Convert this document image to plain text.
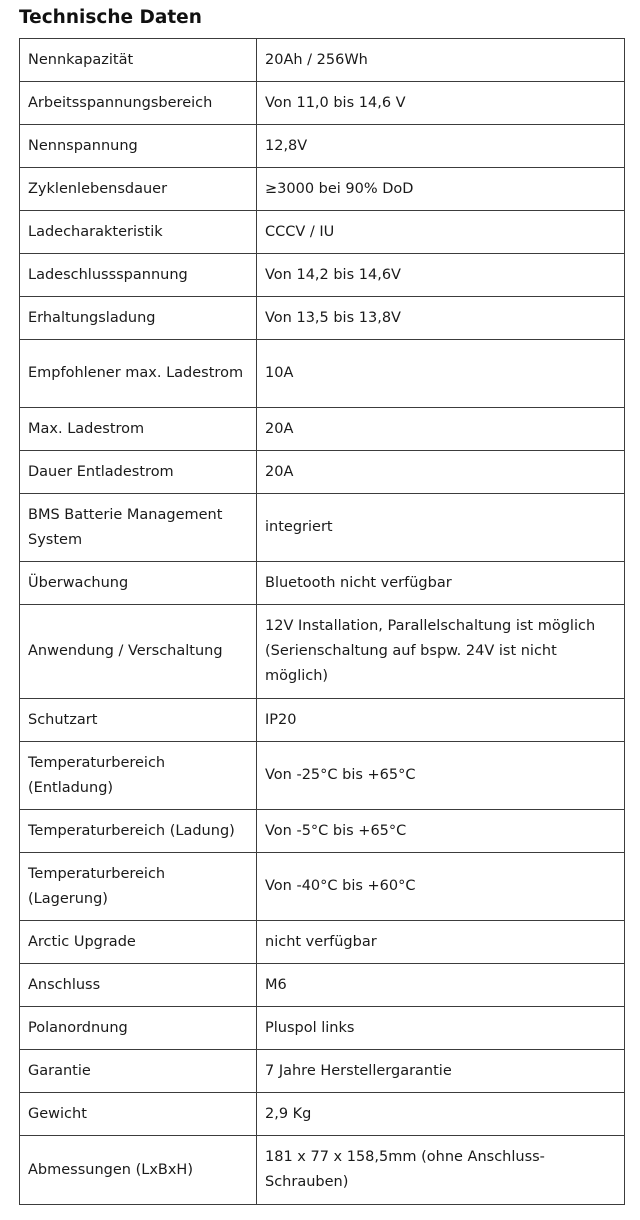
Technische Daten
Nennkapazität	20Ah / 256Wh
Arbeitsspannungsbereich	Von 11,0 bis 14,6 V
Nennspannung	12,8V
Zyklenlebensdauer	≥3000 bei 90% DoD
Ladecharakteristik	CCCV / IU
Ladeschlussspannung	Von 14,2 bis 14,6V
Erhaltungsladung	Von 13,5 bis 13,8V
Empfohlener max. Ladestrom	10A
Max. Ladestrom	20A
Dauer Entladestrom	20A
BMS Batterie Management System	integriert
Überwachung	Bluetooth nicht verfügbar
Anwendung / Verschaltung	12V Installation, Parallelschaltung ist möglich (Serienschaltung auf bspw. 24V ist nicht möglich)
Schutzart	IP20
Temperaturbereich (Entladung)	Von -25°C bis +65°C
Temperaturbereich (Ladung)	Von -5°C bis +65°C
Temperaturbereich (Lagerung)	Von -40°C bis +60°C
Arctic Upgrade	nicht verfügbar
Anschluss	M6
Polanordnung	Pluspol links
Garantie	7 Jahre Herstellergarantie
Gewicht	2,9 Kg
Abmessungen (LxBxH)	181 x 77 x 158,5mm (ohne Anschluss-Schrauben)
